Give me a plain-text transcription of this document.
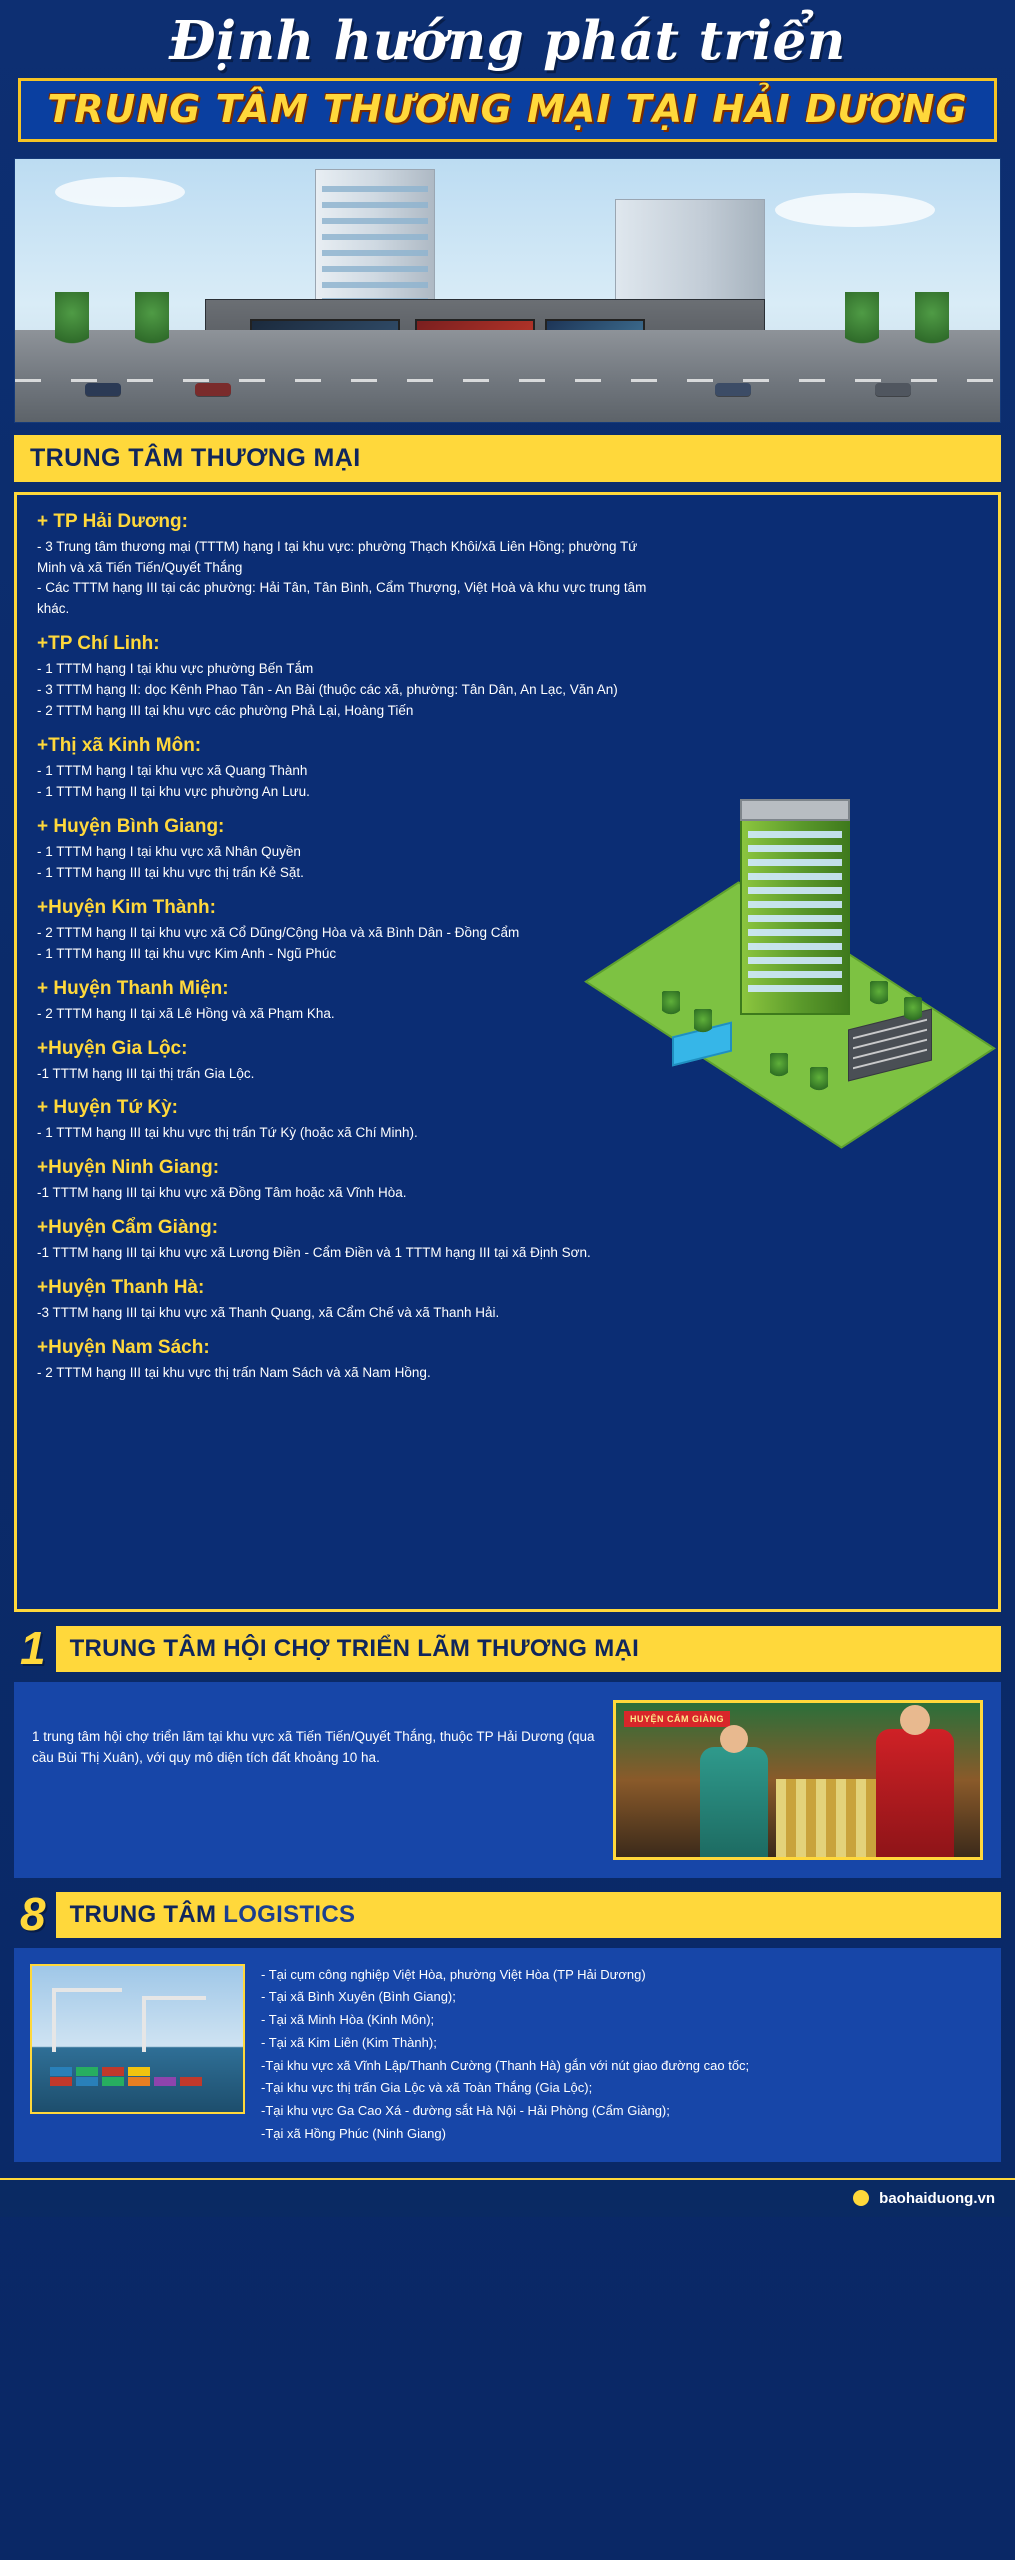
Định hướng phát triển
TRUNG TÂM THƯƠNG MẠI TẠI HẢI DƯƠNG
TRUNG TÂM THƯƠNG MẠI
+ TP Hải Dương:

- 3 Trung tâm thương mại (TTTM) hạng I tại khu vực: phường Thạch Khôi/xã Liên Hồng; phường Tứ Minh và xã Tiến Tiến/Quyết Thắng

- Các TTTM hạng III tại các phường: Hải Tân, Tân Bình, Cẩm Thượng, Việt Hoà và khu vực trung tâm khác.

+TP Chí Linh:

- 1 TTTM hạng I tại khu vực phường Bến Tắm

- 3 TTTM hạng II: dọc Kênh Phao Tân - An Bài (thuộc các xã, phường: Tân Dân, An Lạc, Văn An)

- 2 TTTM hạng III tại khu vực các phường Phả Lại, Hoàng Tiến

+Thị xã Kinh Môn:

- 1 TTTM hạng I tại khu vực xã Quang Thành

- 1 TTTM hạng II tại khu vực phường An Lưu.

+ Huyện Bình Giang:

- 1 TTTM hạng I tại khu vực xã Nhân Quyền

- 1 TTTM hạng III tại khu vực thị trấn Kẻ Sặt.

+Huyện Kim Thành:

- 2 TTTM hạng II tại khu vực xã Cổ Dũng/Cộng Hòa và xã Bình Dân - Đồng Cẩm

- 1 TTTM hạng III tại khu vực Kim Anh - Ngũ Phúc

+ Huyện Thanh Miện:

- 2 TTTM hạng II tại xã Lê Hồng và xã Phạm Kha.

+Huyện Gia Lộc:

-1 TTTM hạng III tại thị trấn Gia Lộc.

+ Huyện Tứ Kỳ:

- 1 TTTM hạng III tại khu vực thị trấn Tứ Kỳ (hoặc xã Chí Minh).

+Huyện Ninh Giang:

-1 TTTM hạng III tại khu vực xã Đồng Tâm hoặc xã Vĩnh Hòa.

+Huyện Cẩm Giàng:

-1 TTTM hạng III tại khu vực xã Lương Điền - Cẩm Điền và 1 TTTM hạng III tại xã Định Sơn.

+Huyện Thanh Hà:

-3 TTTM hạng III tại khu vực xã Thanh Quang, xã Cẩm Chế và xã Thanh Hải.

+Huyện Nam Sách:

- 2 TTTM hạng III tại khu vực thị trấn Nam Sách và xã Nam Hồng.

1	TRUNG TÂM HỘI CHỢ TRIỂN LÃM THƯƠNG MẠI
1 trung tâm hội chợ triển lãm tại khu vực xã Tiến Tiến/Quyết Thắng, thuộc TP Hải Dương (qua cầu Bùi Thị Xuân), với quy mô diện tích đất khoảng 10 ha.
HUYỆN CẨM GIÀNG
8	TRUNG TÂM LOGISTICS
- Tại cụm công nghiệp Việt Hòa, phường Việt Hòa (TP Hải Dương)
- Tại xã Bình Xuyên (Bình Giang);
- Tại xã Minh Hòa (Kinh Môn);
- Tại xã Kim Liên (Kim Thành);
-Tại khu vực xã Vĩnh Lập/Thanh Cường (Thanh Hà) gắn với nút giao đường cao tốc;
-Tại khu vực thị trấn Gia Lộc và xã Toàn Thắng (Gia Lộc);
-Tại khu vực Ga Cao Xá - đường sắt Hà Nội - Hải Phòng (Cẩm Giàng);
-Tại xã Hồng Phúc (Ninh Giang)
baohaiduong.vn
